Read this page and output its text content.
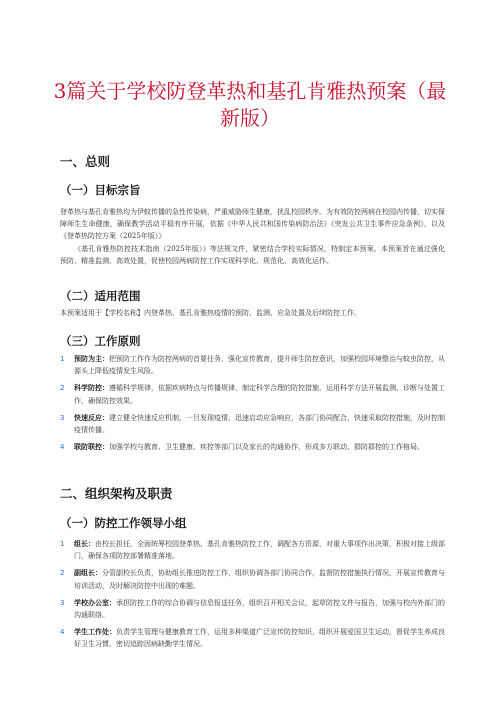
3篇关于学校防登革热和基孔肯雅热预案（最新版）
一、总则
（一）目标宗旨

登革热与基孔肯雅热均为伊蚊传播的急性传染病，严重威胁师生健康，扰乱校园秩序。为有效防控两病在校园内传播，切实保障师生生命健康，确保教学活动平稳有序开展，依据《中华人民共和国传染病防治法》《突发公共卫生事件应急条例》，以及《登革热防控方案（2025年版）》

《基孔肯雅热防控技术指南（2025年版）》等法规文件，紧密结合学校实际情况，特制定本预案。本预案旨在通过强化预防、精准监测、高效处置，促使校园两病防控工作实现科学化、规范化、高效化运作。

（二）适用范围

本预案适用于【学校名称】内登革热、基孔肯雅热疫情的预防、监测、应急处置及后续防控工作。

（三）工作原则
1 预防为主：把预防工作作为防控两病的首要任务，强化宣传教育，提升师生防控意识，加强校园环境整治与蚊虫防控，从源头上降低疫情发生风险。
2 科学防控：遵循科学规律，依据疾病特点与传播规律，制定科学合理的防控措施，运用科学方法开展监测、诊断与处置工作，确保防控效果。
3 快速反应：建立健全快速反应机制，一旦发现疫情，迅速启动应急响应，各部门协同配合，快速采取防控措施，及时控制疫情传播。
4 联防联控：加强学校与教育、卫生健康、疾控等部门以及家长的沟通协作，形成多方联动、群防群控的工作格局。
二、组织架构及职责
（一）防控工作领导小组
1 组长：由校长担任，全面统筹校园登革热、基孔肯雅热防控工作，调配各方资源，对重大事项作出决策，积极对接上级部门，确保各项防控部署精准落地。
2 副组长：分管副校长负责，协助组长推进防控工作，组织协调各部门协同合作，监督防控措施执行情况，开展宣传教育与培训活动，及时解决防控中出现的难题。
3 学校办公室：承担防控工作的综合协调与信息报送任务，组织召开相关会议，起草防控文件与报告，加强与校内外部门的沟通联络。
4 学生工作处：负责学生管理与健康教育工作，运用多种渠道广泛宣传防控知识，组织开展爱国卫生运动，督促学生养成良好卫生习惯，密切追踪因病缺勤学生情况。
